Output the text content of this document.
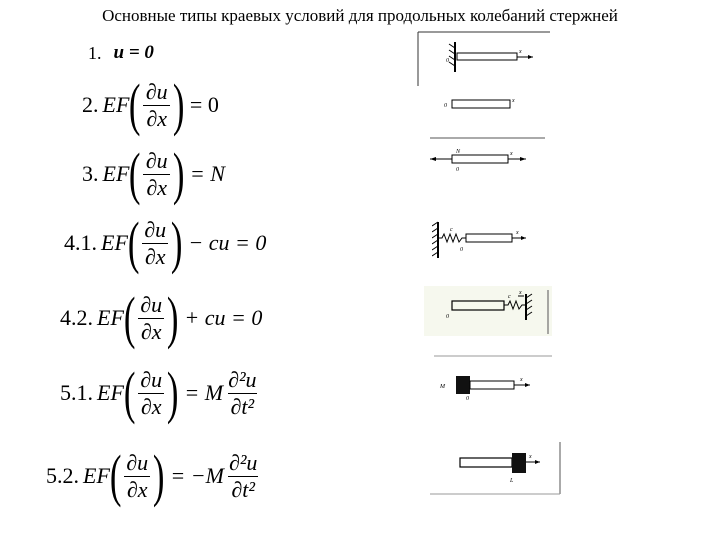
Основные типы краевых условий для продольных колебаний стержней
1. u = 0
2. EF ( $\frac{\partial u}{\partial x}$ ) = 0
3. EF ( $\frac{\partial u}{\partial x}$ ) = N
4.1. EF ( $\frac{\partial u}{\partial x}$ ) − cu = 0
4.2. EF ( $\frac{\partial u}{\partial x}$ ) + cu = 0
5.1. EF ( $\frac{\partial u}{\partial x}$ ) = M $\frac{\text{∂²u}}{\text{∂t²}}$
5.2. EF ( $\frac{\partial u}{\partial x}$ ) = $-M \frac{\text{∂²u}}{\text{∂t²}}$
0
x
0
x
N
0
x
c
0
x
0
c
x
M
0
x
x
L
